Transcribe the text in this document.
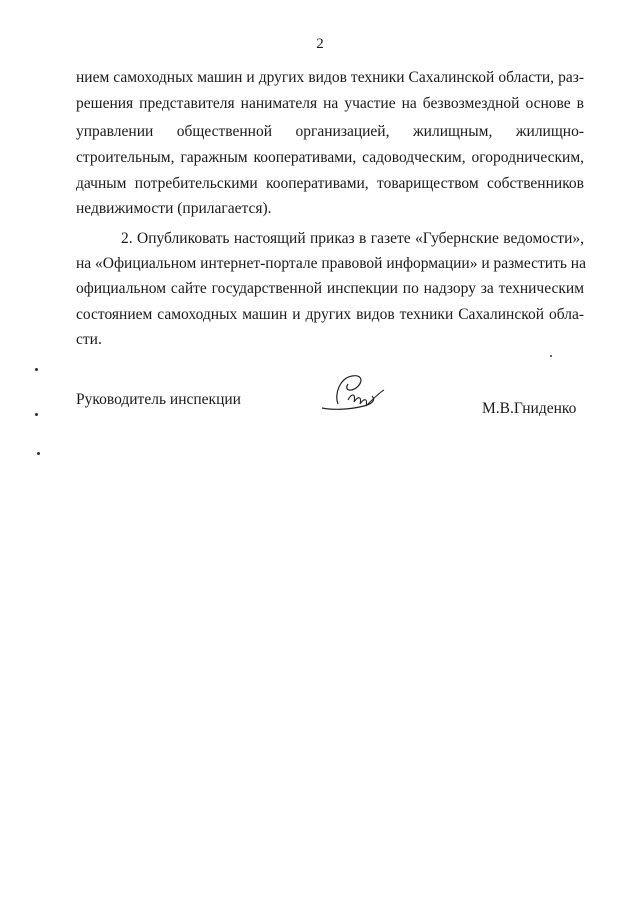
2
нием самоходных машин и других видов техники Сахалинской области, раз-
решения представителя нанимателя на участие на безвозмездной основе в
управлении общественной организацией, жилищным, жилищно-
строительным, гаражным кооперативами, садоводческим, огородническим,
дачным потребительскими кооперативами, товариществом собственников
недвижимости (прилагается).
2. Опубликовать настоящий приказ в газете «Губернские ведомости»,
на «Официальном интернет-портале правовой информации» и разместить на
официальном сайте государственной инспекции по надзору за техническим
состоянием самоходных машин и других видов техники Сахалинской обла-
сти.
Руководитель инспекции
М.В.Гниденко
